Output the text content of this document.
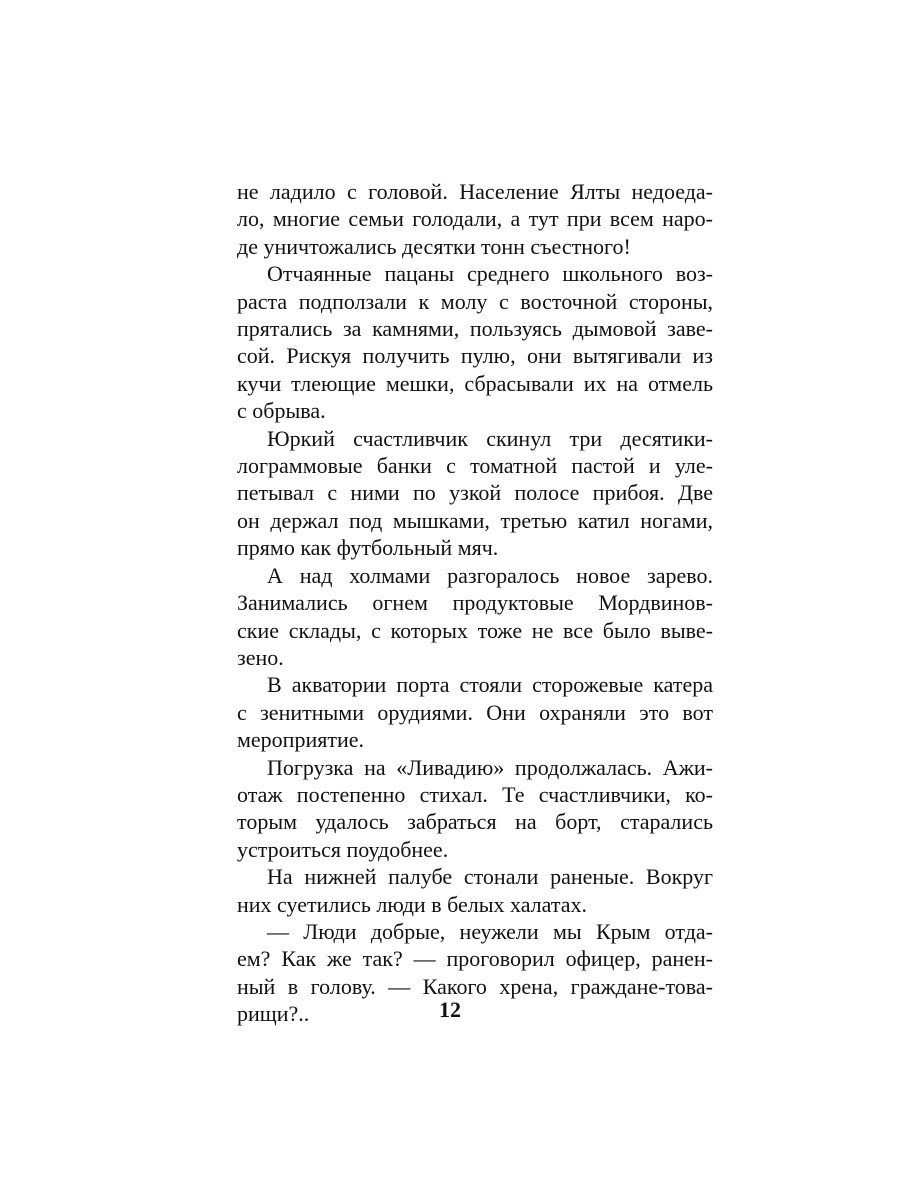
не ладило с головой. Население Ялты недоеда-
ло, многие семьи голодали, а тут при всем наро-
де уничтожались десятки тонн съестного!
Отчаянные пацаны среднего школьного воз-
раста подползали к молу с восточной стороны,
прятались за камнями, пользуясь дымовой заве-
сой. Рискуя получить пулю, они вытягивали из
кучи тлеющие мешки, сбрасывали их на отмель
с обрыва.
Юркий счастливчик скинул три десятики-
лограммовые банки с томатной пастой и уле-
петывал с ними по узкой полосе прибоя. Две
он держал под мышками, третью катил ногами,
прямо как футбольный мяч.
А над холмами разгоралось новое зарево.
Занимались огнем продуктовые Мордвинов-
ские склады, с которых тоже не все было выве-
зено.
В акватории порта стояли сторожевые катера
с зенитными орудиями. Они охраняли это вот
мероприятие.
Погрузка на «Ливадию» продолжалась. Ажи-
отаж постепенно стихал. Те счастливчики, ко-
торым удалось забраться на борт, старались
устроиться поудобнее.
На нижней палубе стонали раненые. Вокруг
них суетились люди в белых халатах.
— Люди добрые, неужели мы Крым отда-
ем? Как же так? — проговорил офицер, ранен-
ный в голову. — Какого хрена, граждане-това-
рищи?..	12
